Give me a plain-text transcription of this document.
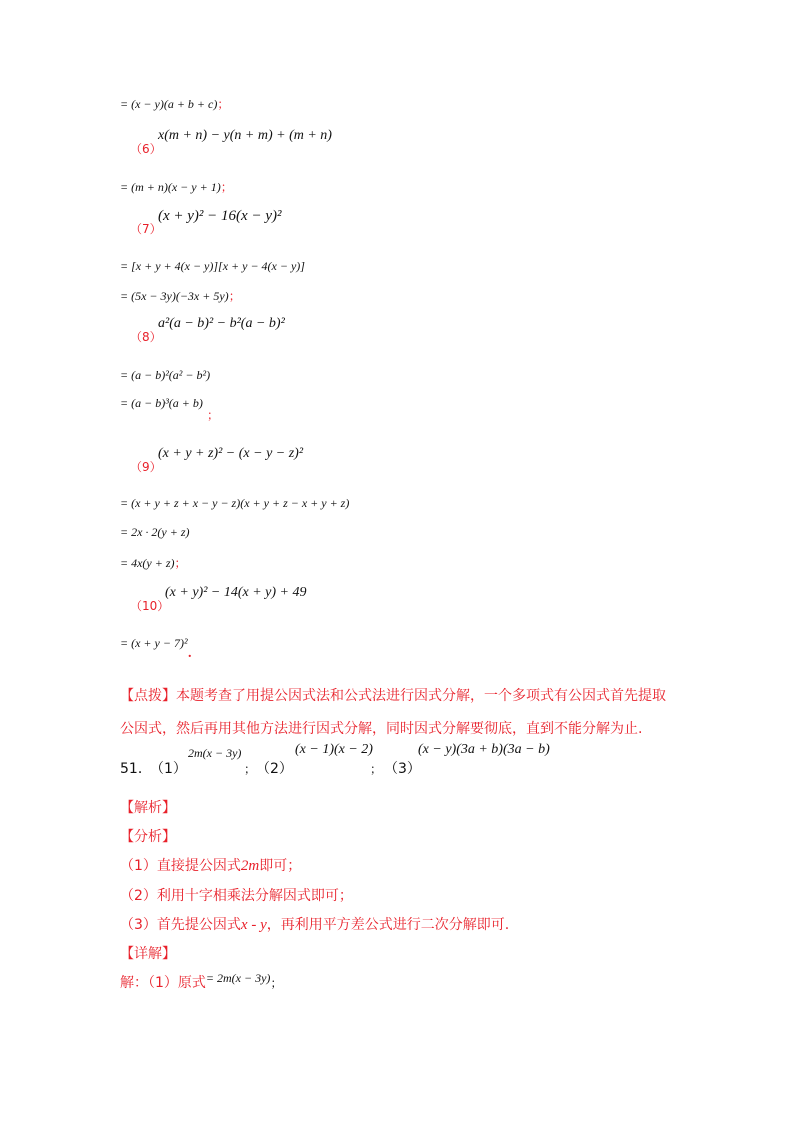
= (x − y)(a + b + c)；
x(m + n) − y(n + m) + (m + n)
（6）
= (m + n)(x − y + 1)；
(x + y)² − 16(x − y)²
（7）
= [x + y + 4(x − y)][x + y − 4(x − y)]
= (5x − 3y)(−3x + 5y)；
a²(a − b)² − b²(a − b)²
（8）
= (a − b)²(a² − b²)
= (a − b)³(a + b)
；
(x + y + z)² − (x − y − z)²
（9）
= (x + y + z + x − y − z)(x + y + z − x + y + z)
= 2x · 2(y + z)
= 4x(y + z)；
(x + y)² − 14(x + y) + 49
（10）
= (x + y − 7)²
.
【点拨】本题考查了用提公因式法和公式法进行因式分解，一个多项式有公因式首先提取
公因式，然后再用其他方法进行因式分解，同时因式分解要彻底，直到不能分解为止.
51．
（1）
2m(x − 3y)
； （2）
(x − 1)(x − 2)
； （3）
(x − y)(3a + b)(3a − b)
【解析】
【分析】
（1）直接提公因式2m即可；
（2）利用十字相乘法分解因式即可；
（3）首先提公因式x - y，再利用平方差公式进行二次分解即可.
【详解】
解：（1）原式= 2m(x − 3y)；
